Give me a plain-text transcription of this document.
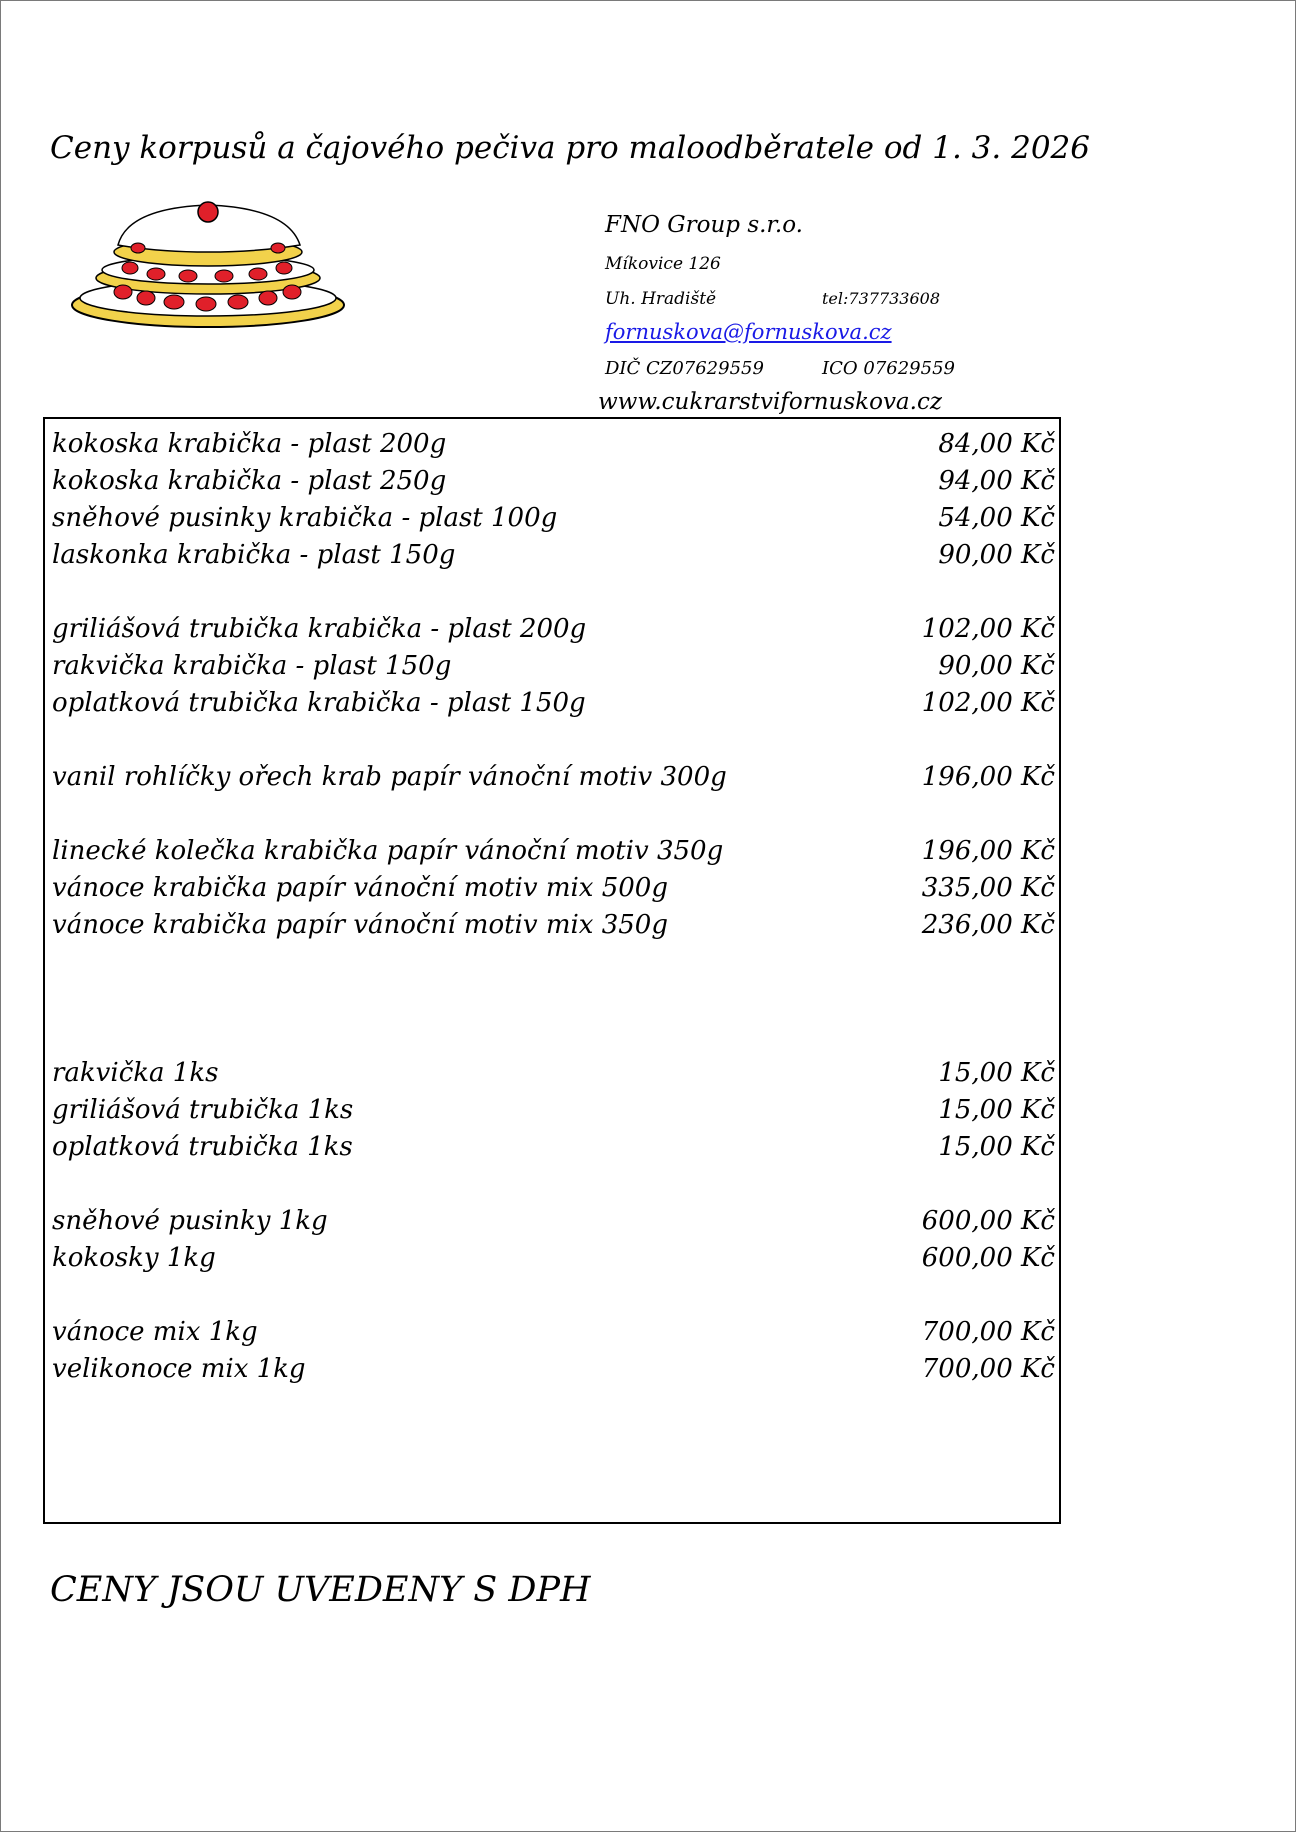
Ceny korpusů a čajového pečiva pro maloodběratele od 1. 3. 2026
FNO Group s.r.o.
Míkovice 126
Uh. Hradiště	tel:737733608
fornuskova@fornuskova.cz
DIČ CZ07629559	ICO 07629559
www.cukrarstvifornuskova.cz
kokoska krabička - plast 200g	84,00 Kč
kokoska krabička - plast 250g	94,00 Kč
sněhové pusinky krabička - plast 100g	54,00 Kč
laskonka krabička - plast 150g	90,00 Kč
griliášová trubička krabička - plast 200g	102,00 Kč
rakvička krabička - plast 150g	90,00 Kč
oplatková trubička krabička - plast 150g	102,00 Kč
vanil rohlíčky ořech krab papír vánoční motiv 300g	196,00 Kč
linecké kolečka krabička papír vánoční motiv 350g	196,00 Kč
vánoce krabička papír vánoční motiv mix 500g	335,00 Kč
vánoce krabička papír vánoční motiv mix 350g	236,00 Kč
rakvička 1ks	15,00 Kč
griliášová trubička 1ks	15,00 Kč
oplatková trubička 1ks	15,00 Kč
sněhové pusinky 1kg	600,00 Kč
kokosky 1kg	600,00 Kč
vánoce mix 1kg	700,00 Kč
velikonoce mix 1kg	700,00 Kč
CENY JSOU UVEDENY S DPH
